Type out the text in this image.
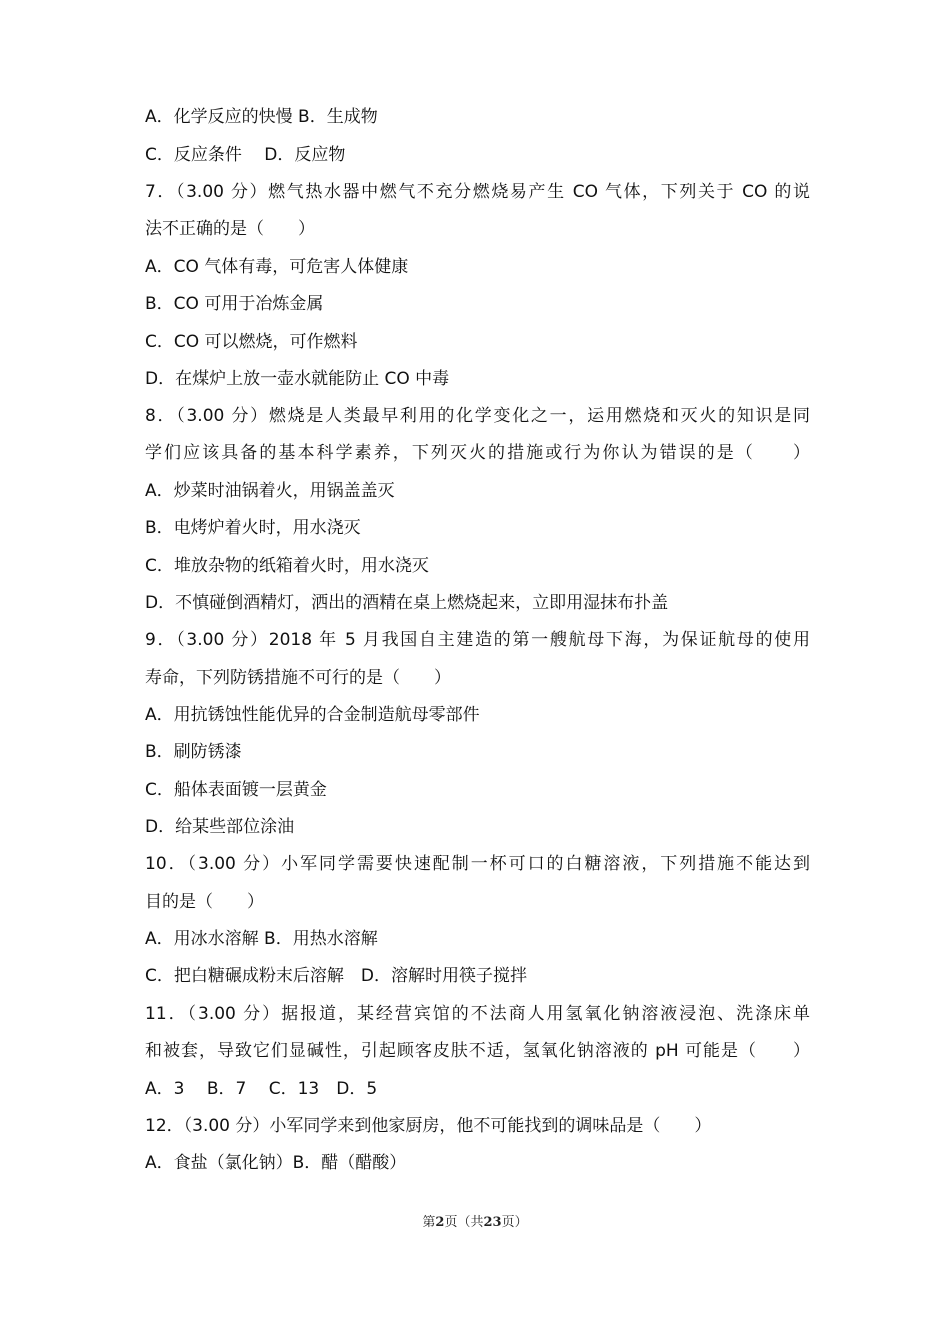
A．化学反应的快慢 B．生成物
C．反应条件　 D．反应物
7．（3.00 分）燃气热水器中燃气不充分燃烧易产生 CO 气体，下列关于 CO 的说
法不正确的是（　　）
A．CO 气体有毒，可危害人体健康
B．CO 可用于冶炼金属
C．CO 可以燃烧，可作燃料
D．在煤炉上放一壶水就能防止 CO 中毒
8．（3.00 分）燃烧是人类最早利用的化学变化之一，运用燃烧和灭火的知识是同
学们应该具备的基本科学素养，下列灭火的措施或行为你认为错误的是（　　）
A．炒菜时油锅着火，用锅盖盖灭
B．电烤炉着火时，用水浇灭
C．堆放杂物的纸箱着火时，用水浇灭
D．不慎碰倒酒精灯，洒出的酒精在桌上燃烧起来，立即用湿抹布扑盖
9．（3.00 分）2018 年 5 月我国自主建造的第一艘航母下海，为保证航母的使用
寿命，下列防锈措施不可行的是（　　）
A．用抗锈蚀性能优异的合金制造航母零部件
B．刷防锈漆
C．船体表面镀一层黄金
D．给某些部位涂油
10．（3.00 分）小军同学需要快速配制一杯可口的白糖溶液，下列措施不能达到
目的是（　　）
A．用冰水溶解 B．用热水溶解
C．把白糖碾成粉末后溶解　D．溶解时用筷子搅拌
11．（3.00 分）据报道，某经营宾馆的不法商人用氢氧化钠溶液浸泡、洗涤床单
和被套，导致它们显碱性，引起顾客皮肤不适，氢氧化钠溶液的 pH 可能是（　　）
A．3　 B．7　 C．13　D．5
12．（3.00 分）小军同学来到他家厨房，他不可能找到的调味品是（　　）
A．食盐（氯化钠）B．醋（醋酸）
第2页（共23页）
